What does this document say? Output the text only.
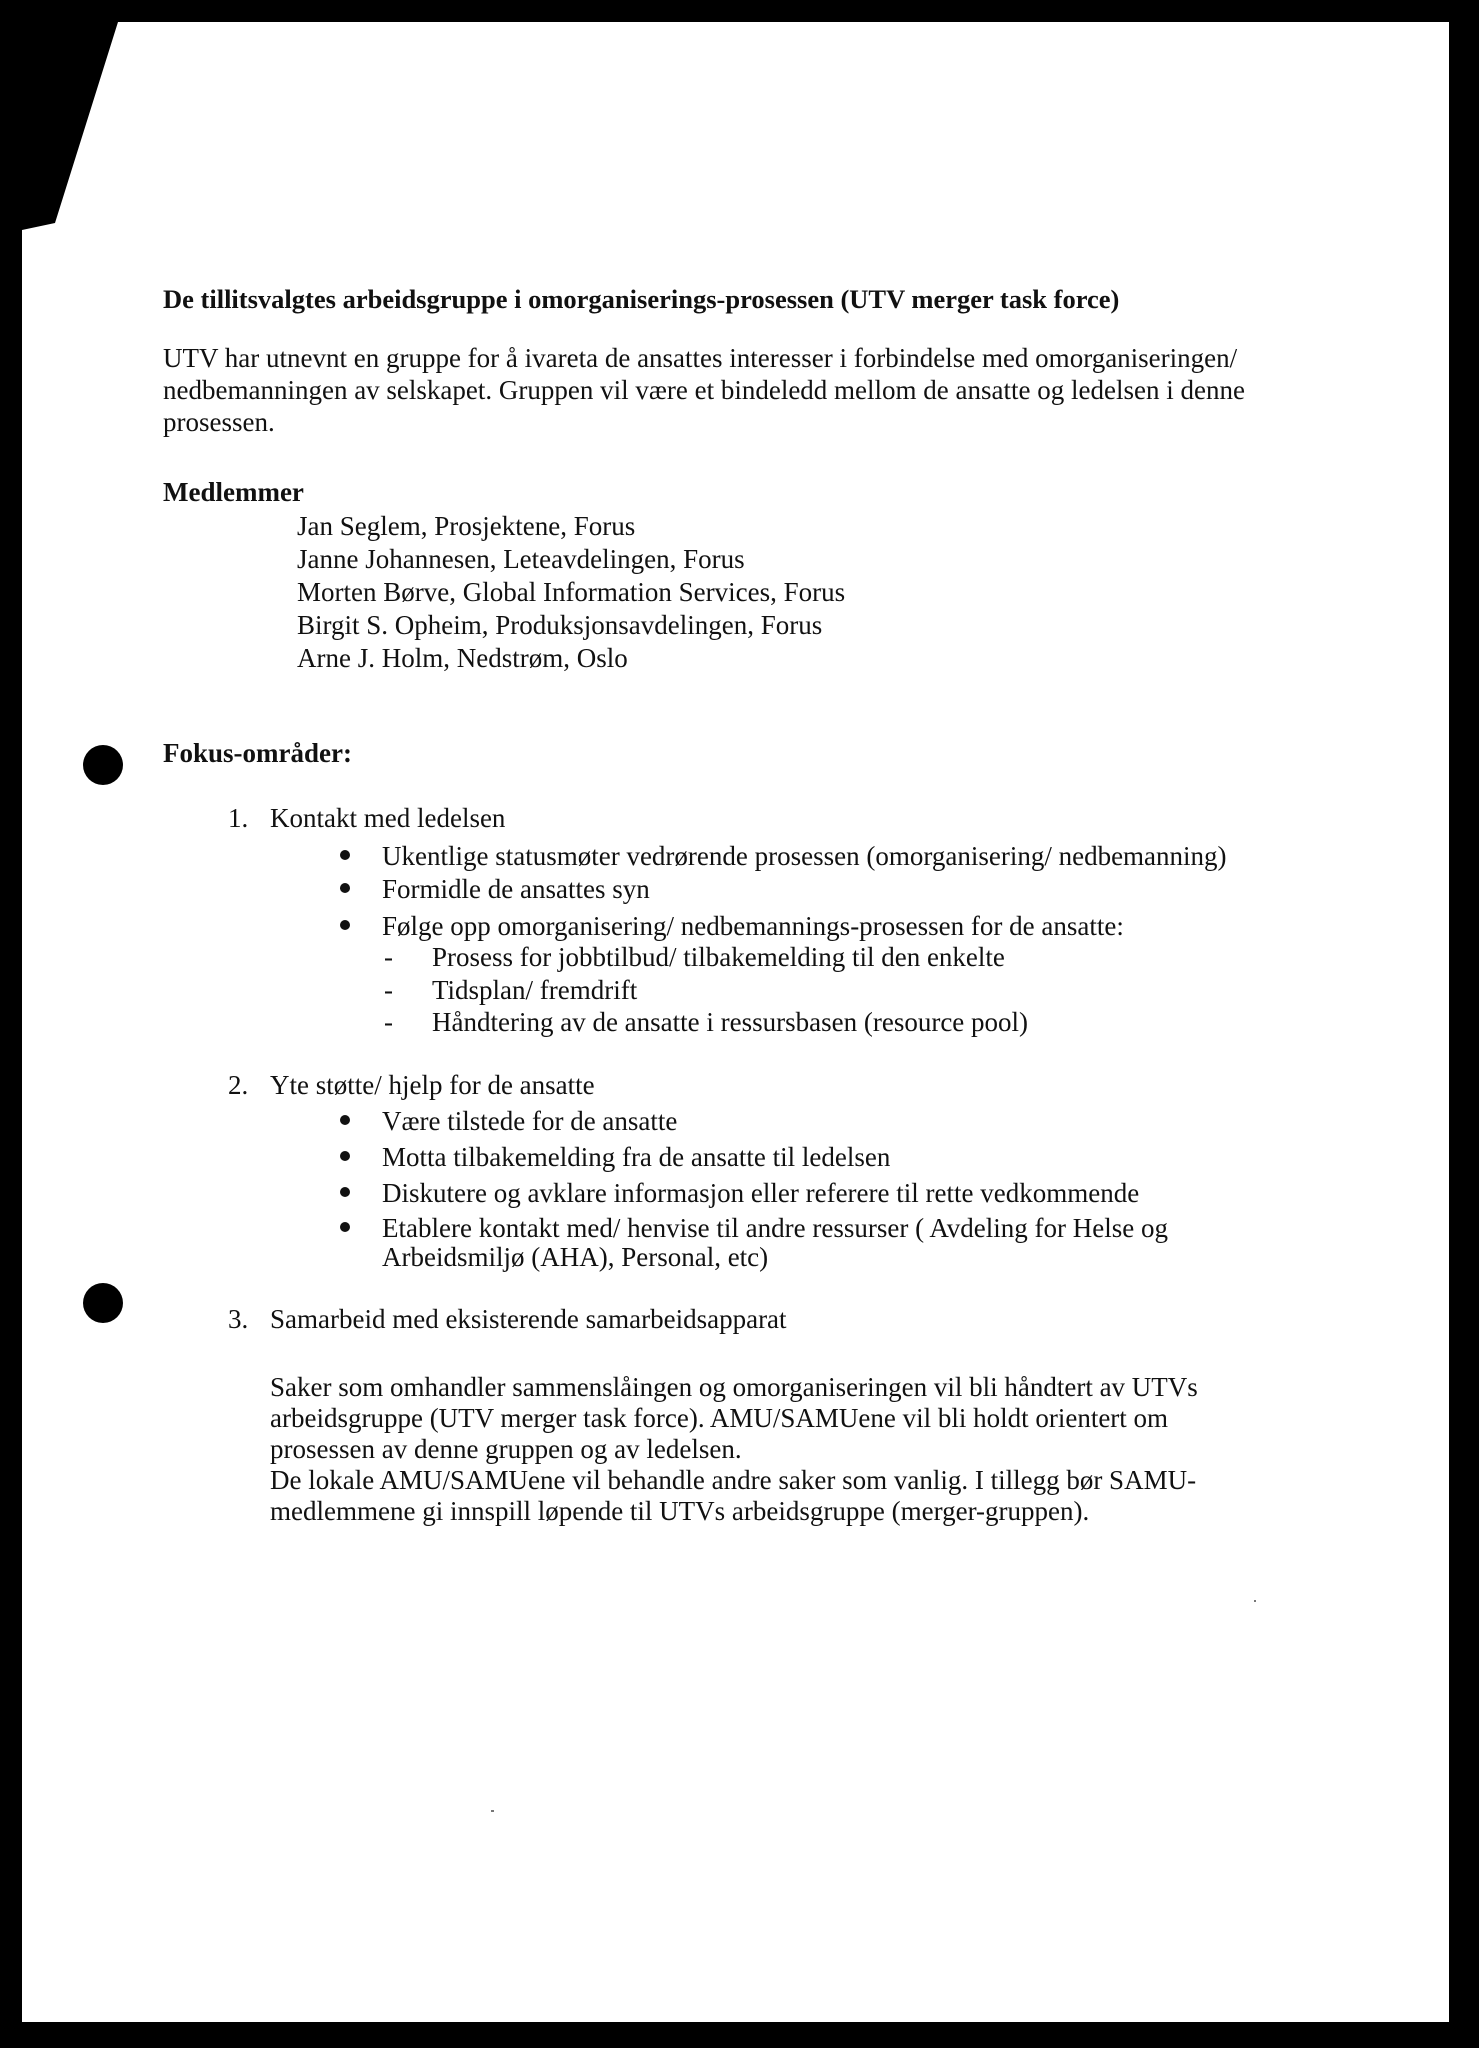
De tillitsvalgtes arbeidsgruppe i omorganiserings-prosessen (UTV merger task force)
UTV har utnevnt en gruppe for å ivareta de ansattes interesser i forbindelse med omorganiseringen/
nedbemanningen av selskapet. Gruppen vil være et bindeledd mellom de ansatte og ledelsen i denne
prosessen.
Medlemmer
Jan Seglem, Prosjektene, Forus
Janne Johannesen, Leteavdelingen, Forus
Morten Børve, Global Information Services, Forus
Birgit S. Opheim, Produksjonsavdelingen, Forus
Arne J. Holm, Nedstrøm, Oslo
Fokus-områder:
1. Kontakt med ledelsen
Ukentlige statusmøter vedrørende prosessen (omorganisering/ nedbemanning)
Formidle de ansattes syn
Følge opp omorganisering/ nedbemannings-prosessen for de ansatte:
- Prosess for jobbtilbud/ tilbakemelding til den enkelte
- Tidsplan/ fremdrift
- Håndtering av de ansatte i ressursbasen (resource pool)
2. Yte støtte/ hjelp for de ansatte
Være tilstede for de ansatte
Motta tilbakemelding fra de ansatte til ledelsen
Diskutere og avklare informasjon eller referere til rette vedkommende
Etablere kontakt med/ henvise til andre ressurser ( Avdeling for Helse og
Arbeidsmiljø (AHA), Personal, etc)
3. Samarbeid med eksisterende samarbeidsapparat
Saker som omhandler sammenslåingen og omorganiseringen vil bli håndtert av UTVs
arbeidsgruppe (UTV merger task force). AMU/SAMUene vil bli holdt orientert om
prosessen av denne gruppen og av ledelsen.
De lokale AMU/SAMUene vil behandle andre saker som vanlig. I tillegg bør SAMU-
medlemmene gi innspill løpende til UTVs arbeidsgruppe (merger-gruppen).
